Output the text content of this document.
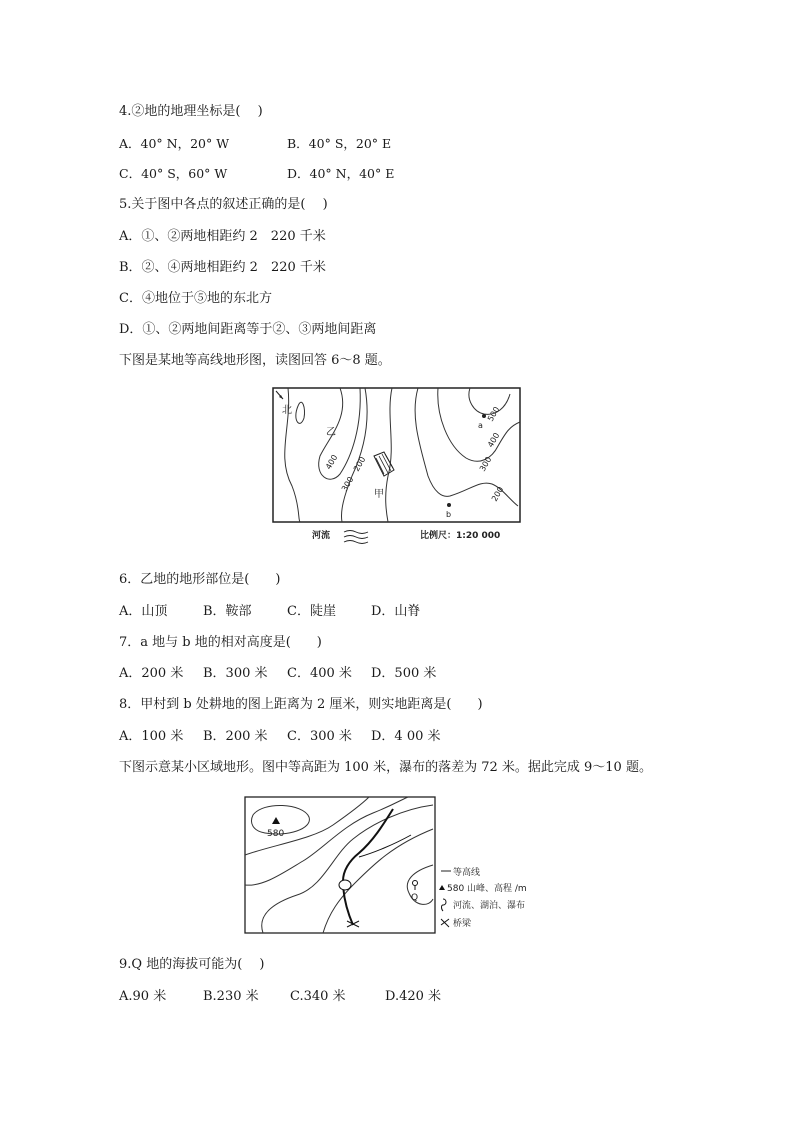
4.②地的地理坐标是(　 )
A．40° N，20° W	B．40° S，20° E
C．40° S，60° W	D．40° N，40° E
5.关于图中各点的叙述正确的是(　 )
A．①、②两地相距约 2　220 千米
B．②、④两地相距约 2　220 千米
C．④地位于⑤地的东北方
D．①、②两地间距离等于②、③两地间距离
下图是某地等高线地形图，读图回答 6～8 题。
北
乙
甲
a
b
500
400
300
200
400
300
200
河流	比例尺：1:20 000
6．乙地的地形部位是(　　)
A．山顶	B．鞍部	C．陡崖	D．山脊
7．a 地与 b 地的相对高度是(　　)
A．200 米 B．300 米 C．400 米 D．500 米
8．甲村到 b 处耕地的图上距离为 2 厘米，则实地距离是(　　)
A．100 米 B．200 米 C．300 米 D．4 00 米
下图示意某小区域地形。图中等高距为 100 米，瀑布的落差为 72 米。据此完成 9～10 题。
580
Q
等高线
580 山峰、高程 /m
河流、湖泊、瀑布
桥梁
9.Q 地的海拔可能为(　 )
A.90 米	B.230 米 C.340 米	D.420 米
